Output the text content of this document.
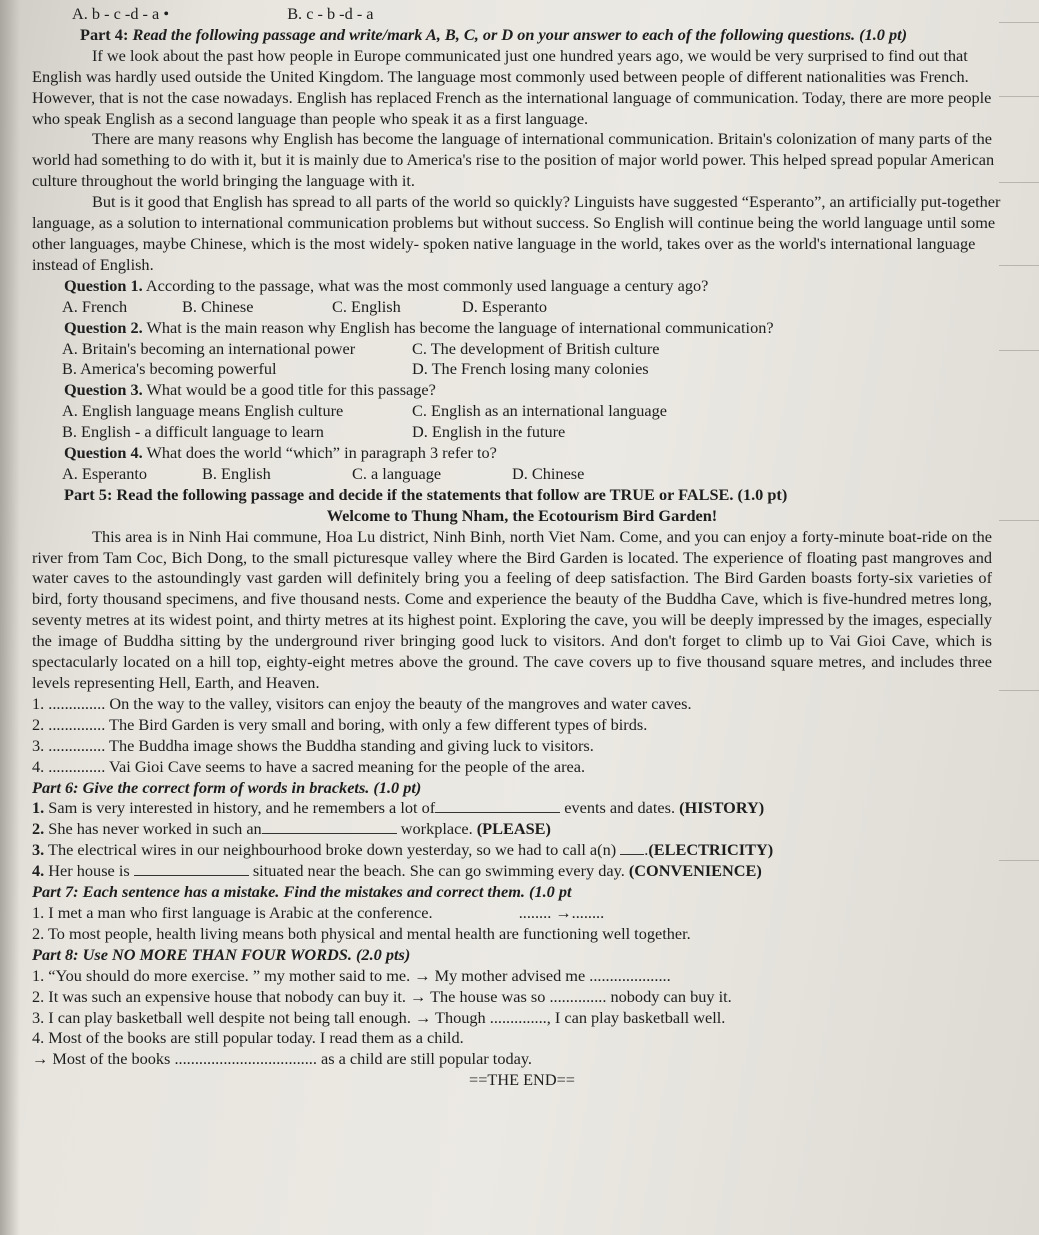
A. b - c -d - a •	B. c - b -d - a

Part 4: Read the following passage and write/mark A, B, C, or D on your answer to each of the following questions. (1.0 pt)

If we look about the past how people in Europe communicated just one hundred years ago, we would be very surprised to find out that English was hardly used outside the United Kingdom. The language most commonly used between people of different nationalities was French. However, that is not the case nowadays. English has replaced French as the international language of communication. Today, there are more people who speak English as a second language than people who speak it as a first language.

There are many reasons why English has become the language of international communication. Britain's colonization of many parts of the world had something to do with it, but it is mainly due to America's rise to the position of major world power. This helped spread popular American culture throughout the world bringing the language with it.

But is it good that English has spread to all parts of the world so quickly? Linguists have suggested “Esperanto”, an artificially put-together language, as a solution to international communication problems but without success. So English will continue being the world language until some other languages, maybe Chinese, which is the most widely- spoken native language in the world, takes over as the world's international language instead of English.

Question 1. According to the passage, what was the most commonly used language a century ago?

A. French	B. Chinese	C. English	D. Esperanto

Question 2. What is the main reason why English has become the language of international communication?

A. Britain's becoming an international power	C. The development of British culture
B. America's becoming powerful	D. The French losing many colonies

Question 3. What would be a good title for this passage?

A. English language means English culture	C. English as an international language
B. English - a difficult language to learn	D. English in the future

Question 4. What does the world “which” in paragraph 3 refer to?

A. Esperanto	B. English	C. a language	D. Chinese

Part 5: Read the following passage and decide if the statements that follow are TRUE or FALSE. (1.0 pt)

Welcome to Thung Nham, the Ecotourism Bird Garden!

This area is in Ninh Hai commune, Hoa Lu district, Ninh Binh, north Viet Nam. Come, and you can enjoy a forty-minute boat-ride on the river from Tam Coc, Bich Dong, to the small picturesque valley where the Bird Garden is located. The experience of floating past mangroves and water caves to the astoundingly vast garden will definitely bring you a feeling of deep satisfaction. The Bird Garden boasts forty-six varieties of bird, forty thousand specimens, and five thousand nests. Come and experience the beauty of the Buddha Cave, which is five-hundred metres long, seventy metres at its widest point, and thirty metres at its highest point. Exploring the cave, you will be deeply impressed by the images, especially the image of Buddha sitting by the underground river bringing good luck to visitors. And don't forget to climb up to Vai Gioi Cave, which is spectacularly located on a hill top, eighty-eight metres above the ground. The cave covers up to five thousand square metres, and includes three levels representing Hell, Earth, and Heaven.

1. .............. On the way to the valley, visitors can enjoy the beauty of the mangroves and water caves.

2. .............. The Bird Garden is very small and boring, with only a few different types of birds.

3. .............. The Buddha image shows the Buddha standing and giving luck to visitors.

4. .............. Vai Gioi Cave seems to have a sacred meaning for the people of the area.

Part 6: Give the correct form of words in brackets. (1.0 pt)

1. Sam is very interested in history, and he remembers a lot of	events and dates. (HISTORY)

2. She has never worked in such an	workplace. (PLEASE)

3. The electrical wires in our neighbourhood broke down yesterday, so we had to call a(n) .(ELECTRICITY)

4. Her house is	situated near the beach. She can go swimming every day. (CONVENIENCE)

Part 7: Each sentence has a mistake. Find the mistakes and correct them. (1.0 pt

1. I met a man who first language is Arabic at the conference.	........ →........

2. To most people, health living means both physical and mental health are functioning well together.

Part 8: Use NO MORE THAN FOUR WORDS. (2.0 pts)

1. “You should do more exercise. ” my mother said to me. → My mother advised me ....................

2. It was such an expensive house that nobody can buy it. → The house was so .............. nobody can buy it.

3. I can play basketball well despite not being tall enough. → Though .............., I can play basketball well.

4. Most of the books are still popular today. I read them as a child.

→ Most of the books ................................... as a child are still popular today.

==THE END==
